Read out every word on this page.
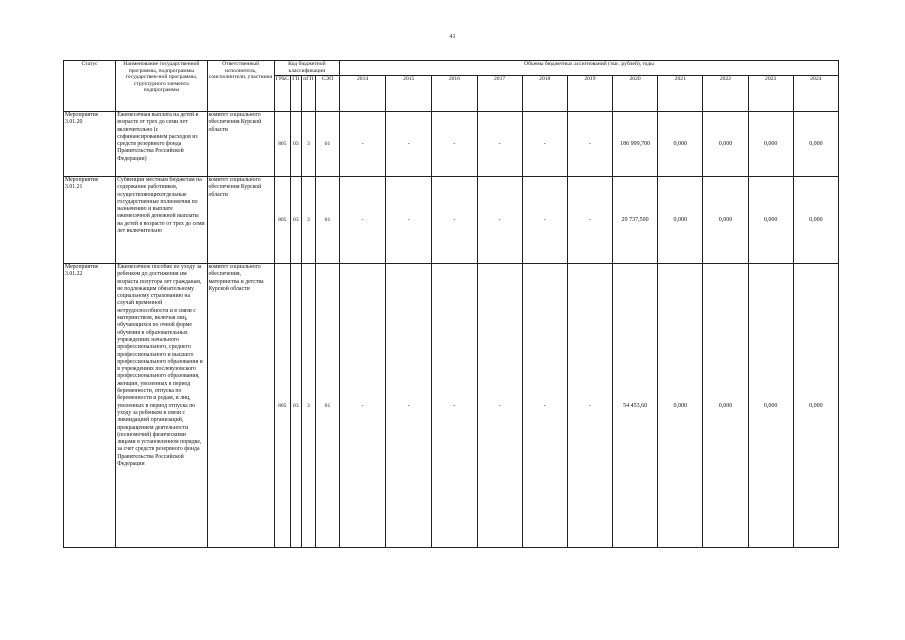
41
Статус	Наименование государственной программы, подпрограммы государствен-ной программы, структурного элемента подпрограммы	Ответственный исполнитель, соисполнители, участники	Код бюджетной классификации				Объемы бюджетных ассигнований (тыс. рублей), годы										
			ГРБС	ГП	пГП	СЭП	2014	2015	2016	2017	2018	2019	2020	2021	2022	2023	2024
Мероприятие 3.01.20	Ежемесячная выплата на детей в возрасте от трех до семи лет включительно (с софинансированием расходов из средств резервного фонда Правительства Российской Федерации)	комитет социального обеспечения Курской области	805	03	3	01	-	-	-	-	-	-	186 999,700	0,000	0,000	0,000	0,000
Мероприятие 3.01.21	Субвенции местным бюджетам на содержание работников, осуществляющихотдельные государственные полномочия по назначению и выплате ежемесячной денежной выплаты на детей в возрасте от трех до семи лет включительно	комитет социального обеспечения Курской области	805	03	3	01	-	-	-	-	-	-	29 737,500	0,000	0,000	0,000	0,000
Мероприятие 3.01.22	Ежемесячное пособие по уходу за ребенком до достижения им возраста полутора лет гражданам, не подлежащим обязательному социальному страхованию на случай временной нетрудоспособности и в связи с материнством, включая лиц, обучающихся по очной форме обучения в образовательных учреждениях начального профессионального, среднего профессионального и высшего профессионального образования и в учреждениях послевузовского профессионального образования, женщин, уволенных в период беременности, отпуска по беременности и родам, и лиц, уволенных в период отпуска по уходу за ребенком в связи с ликвидацией организаций, прекращением деятельности (полномочий) физическими лицами в установленном порядке, за счет средств резервного фонда Правительства Российской Федерации	комитет социального обеспечения, материнства и детства Курской области	805	03	3	01	-	-	-	-	-	-	54 453,60	0,000	0,000	0,000	0,000
